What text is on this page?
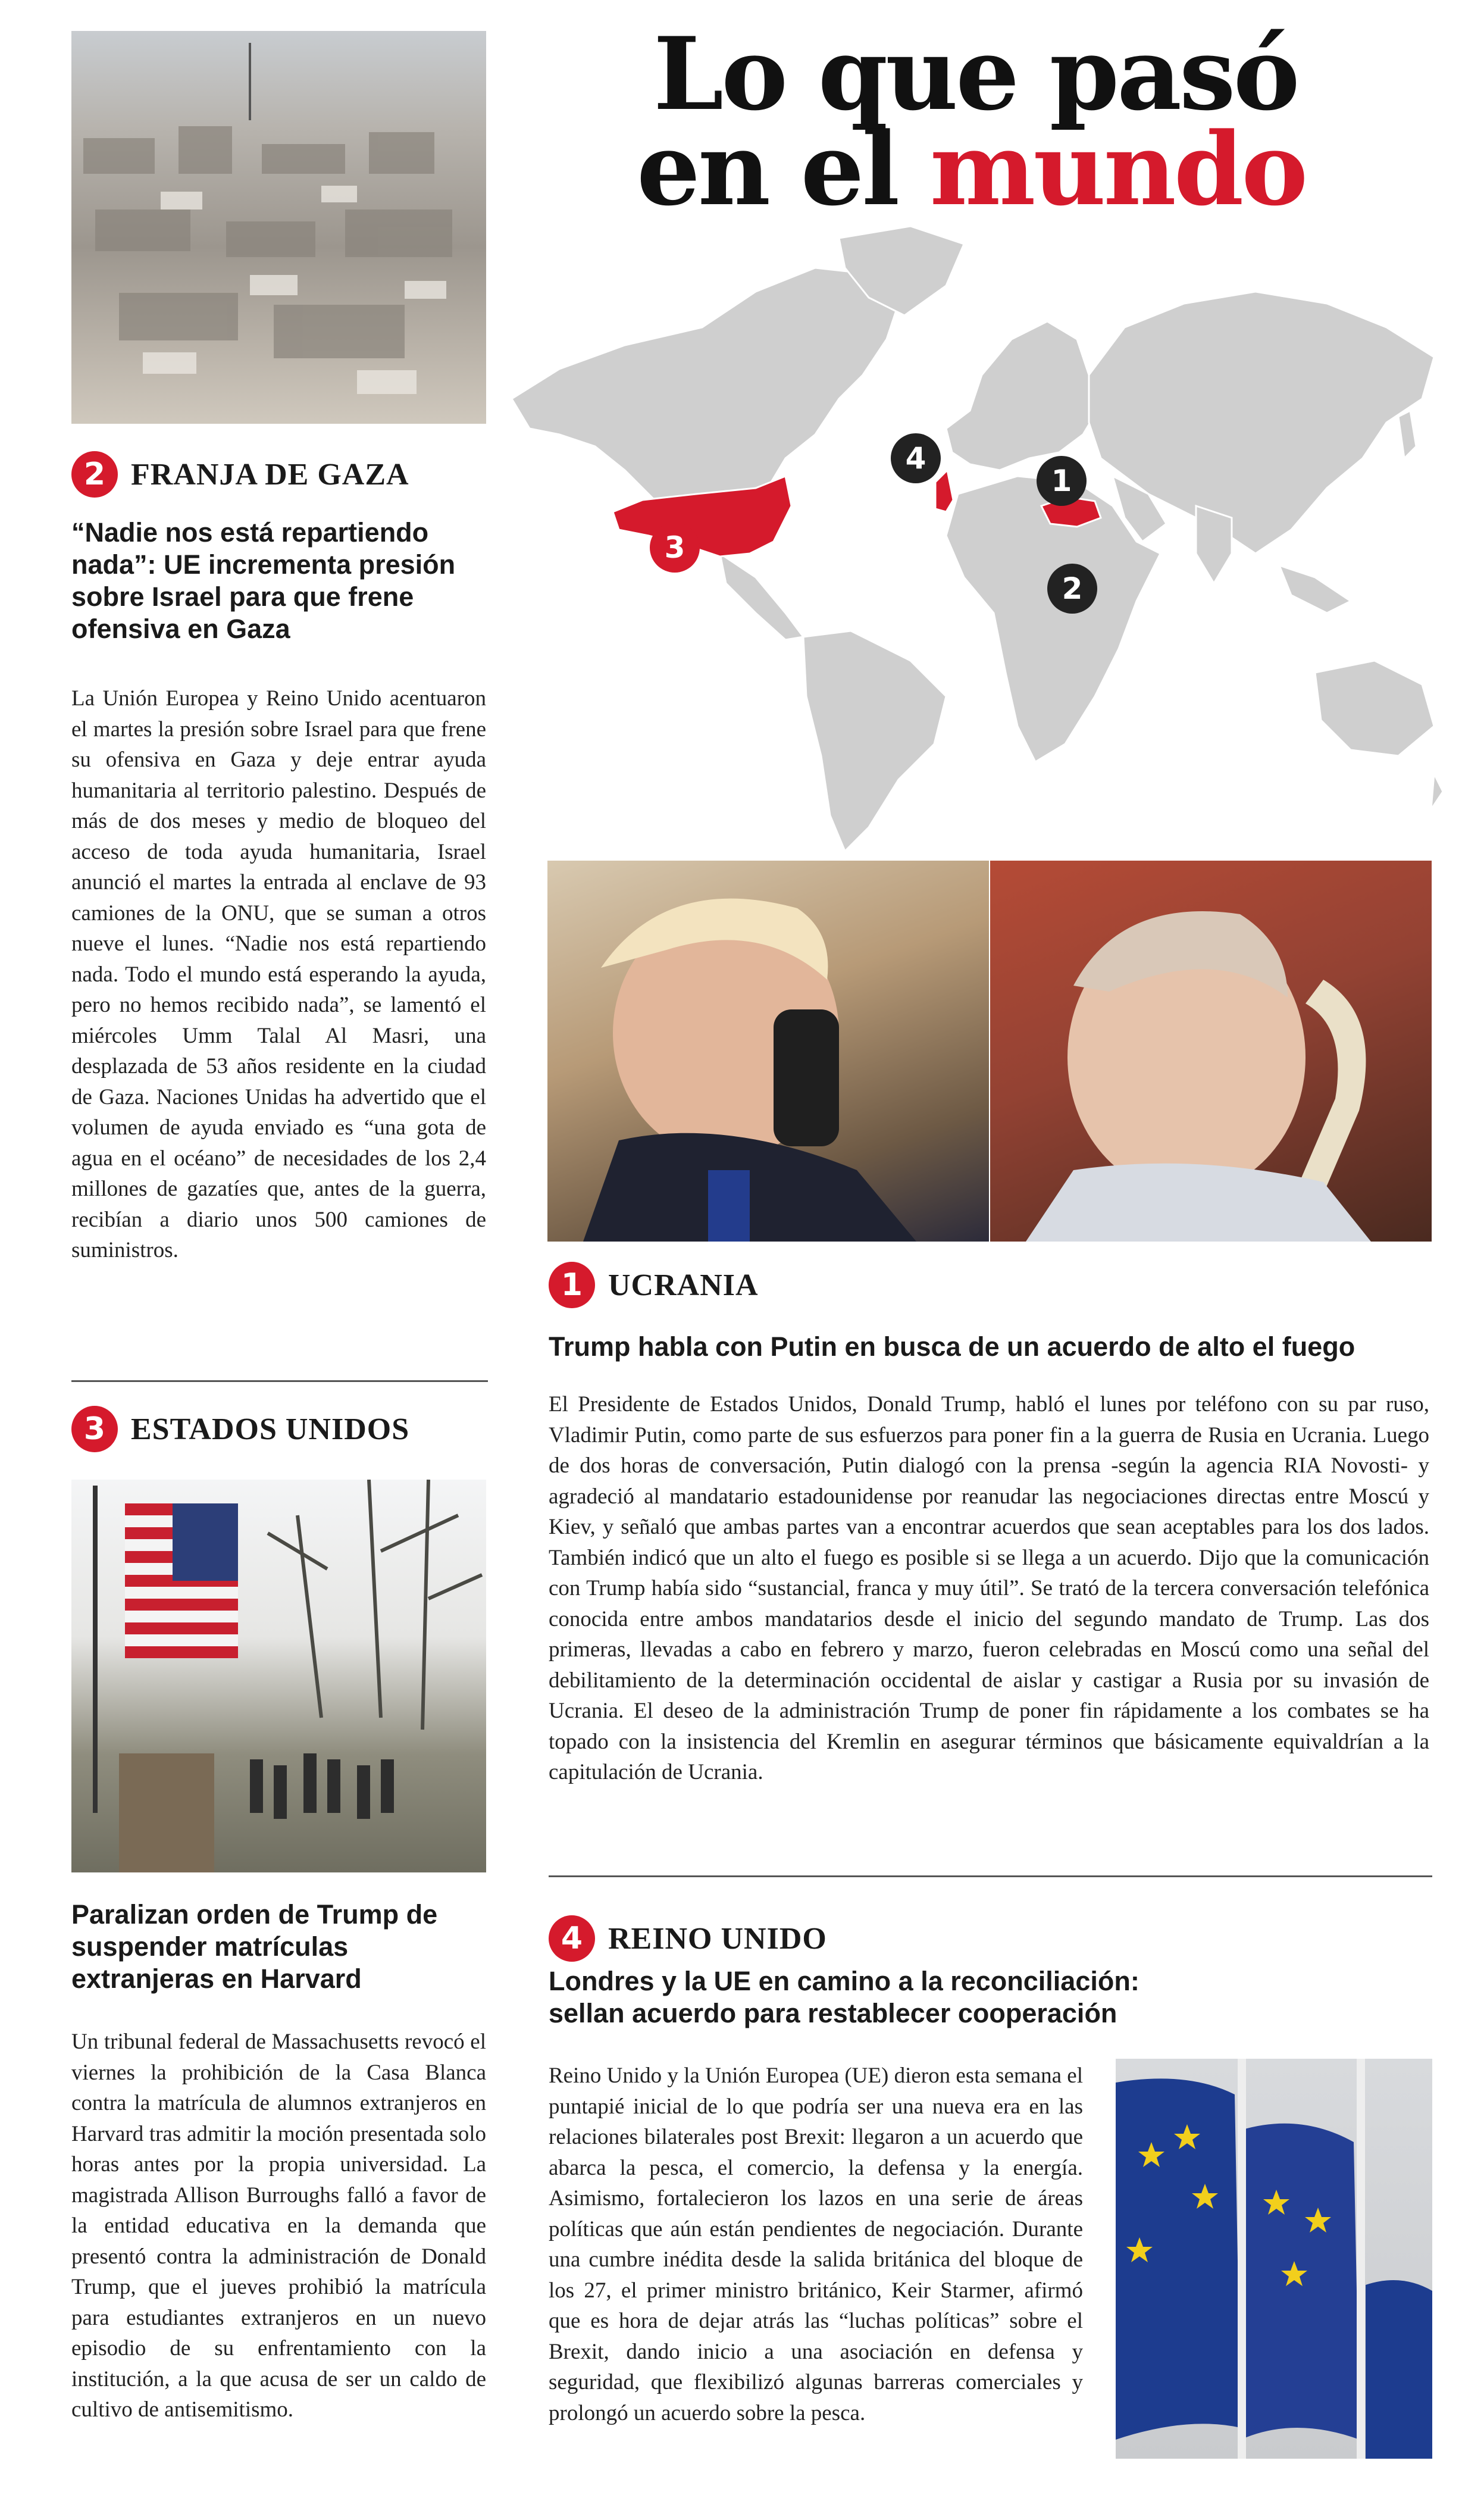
Lo que pasó
en el mundo
4
1
2
3
2 FRANJA DE GAZA
“Nadie nos está repartiendo nada”: UE incrementa presión sobre Israel para que frene ofensiva en Gaza

La Unión Europea y Reino Unido acentuaron el martes la presión sobre Israel para que frene su ofensiva en Gaza y deje entrar ayuda humanitaria al territorio palestino. Después de más de dos meses y medio de bloqueo del acceso de toda ayuda humanitaria, Israel anunció el martes la entrada al enclave de 93 camiones de la ONU, que se suman a otros nueve el lunes. “Nadie nos está repartiendo nada. Todo el mundo está esperando la ayuda, pero no hemos recibido nada”, se lamentó el miércoles Umm Talal Al Masri, una desplazada de 53 años residente en la ciudad de Gaza. Naciones Unidas ha advertido que el volumen de ayuda enviado es “una gota de agua en el océano” de necesidades de los 2,4 millones de gazatíes que, antes de la guerra, recibían a diario unos 500 camiones de suministros.

3 ESTADOS UNIDOS
Paralizan orden de Trump de suspender matrículas extranjeras en Harvard

Un tribunal federal de Massachusetts revocó el viernes la prohibición de la Casa Blanca contra la matrícula de alumnos extranjeros en Harvard tras admitir la moción presentada solo horas antes por la propia universidad. La magistrada Allison Burroughs falló a favor de la entidad educativa en la demanda que presentó contra la administración de Donald Trump, que el jueves prohibió la matrícula para estudiantes extranjeros en un nuevo episodio de su enfrentamiento con la institución, a la que acusa de ser un caldo de cultivo de antisemitismo.

1 UCRANIA
Trump habla con Putin en busca de un acuerdo de alto el fuego

El Presidente de Estados Unidos, Donald Trump, habló el lunes por teléfono con su par ruso, Vladimir Putin, como parte de sus esfuerzos para poner fin a la guerra de Rusia en Ucrania. Luego de dos horas de conversación, Putin dialogó con la prensa -según la agencia RIA Novosti- y agradeció al mandatario estadounidense por reanudar las negociaciones directas entre Moscú y Kiev, y señaló que ambas partes van a encontrar acuerdos que sean aceptables para los dos lados. También indicó que un alto el fuego es posible si se llega a un acuerdo. Dijo que la comunicación con Trump había sido “sustancial, franca y muy útil”. Se trató de la tercera conversación telefónica conocida entre ambos mandatarios desde el inicio del segundo mandato de Trump. Las dos primeras, llevadas a cabo en febrero y marzo, fueron celebradas en Moscú como una señal del debilitamiento de la determinación occidental de aislar y castigar a Rusia por su invasión de Ucrania. El deseo de la administración Trump de poner fin rápidamente a los combates se ha topado con la insistencia del Kremlin en asegurar términos que básicamente equivaldrían a la capitulación de Ucrania.

4 REINO UNIDO
Londres y la UE en camino a la reconciliación: sellan acuerdo para restablecer cooperación

Reino Unido y la Unión Europea (UE) dieron esta semana el puntapié inicial de lo que podría ser una nueva era en las relaciones bilaterales post Brexit: llegaron a un acuerdo que abarca la pesca, el comercio, la defensa y la energía. Asimismo, fortalecieron los lazos en una serie de áreas políticas que aún están pendientes de negociación. Durante una cumbre inédita desde la salida británica del bloque de los 27, el primer ministro británico, Keir Starmer, afirmó que es hora de dejar atrás las “luchas políticas” sobre el Brexit, dando inicio a una asociación en defensa y seguridad, que flexibilizó algunas barreras comerciales y prolongó un acuerdo sobre la pesca.
